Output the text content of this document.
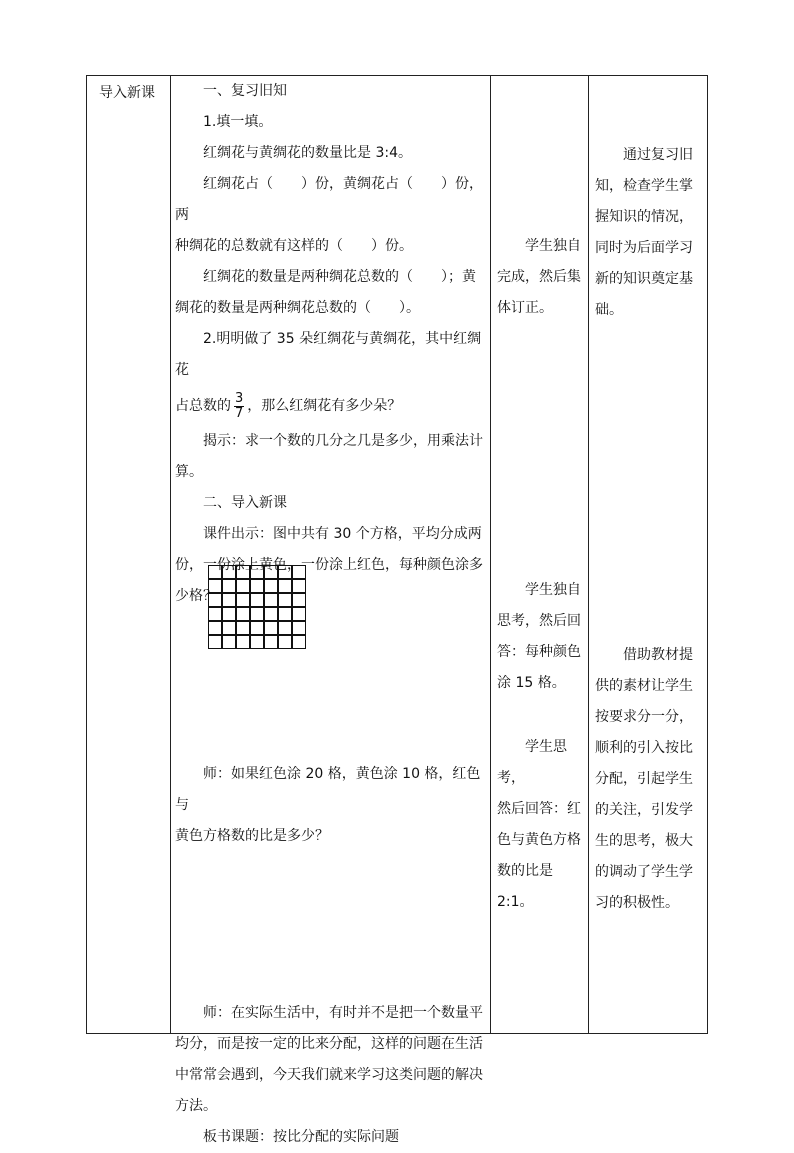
导入新课	一、复习旧知

1.填一填。

红绸花与黄绸花的数量比是 3:4。

红绸花占（　　）份，黄绸花占（　　）份，两

种绸花的总数就有这样的（　　）份。

红绸花的数量是两种绸花总数的（　　）；黄

绸花的数量是两种绸花总数的（　　）。

2.明明做了 35 朵红绸花与黄绸花，其中红绸花

占总数的 $\frac{3}{7}$ ，那么红绸花有多少朵？

揭示：求一个数的几分之几是多少，用乘法计

算。

二、导入新课

课件出示：图中共有 30 个方格，平均分成两

份，一份涂上黄色，一份涂上红色，每种颜色涂多

少格？

师：如果红色涂 20 格，黄色涂 10 格，红色与

黄色方格数的比是多少？

师：在实际生活中，有时并不是把一个数量平

均分，而是按一定的比来分配，这样的问题在生活

中常常会遇到，今天我们就来学习这类问题的解决

方法。

板书课题：按比分配的实际问题

学生独自

完成，然后集
体订正。

学生独自

思考，然后回
答：每种颜色
涂 15 格。

学生思考，

然后回答：红
色与黄色方格
数的比是 2:1。

通过复习旧

知，检查学生掌
握知识的情况，
同时为后面学习
新的知识奠定基
础。

借助教材提

供的素材让学生
按要求分一分，
顺利的引入按比
分配，引起学生
的关注，引发学
生的思考，极大
的调动了学生学
习的积极性。
